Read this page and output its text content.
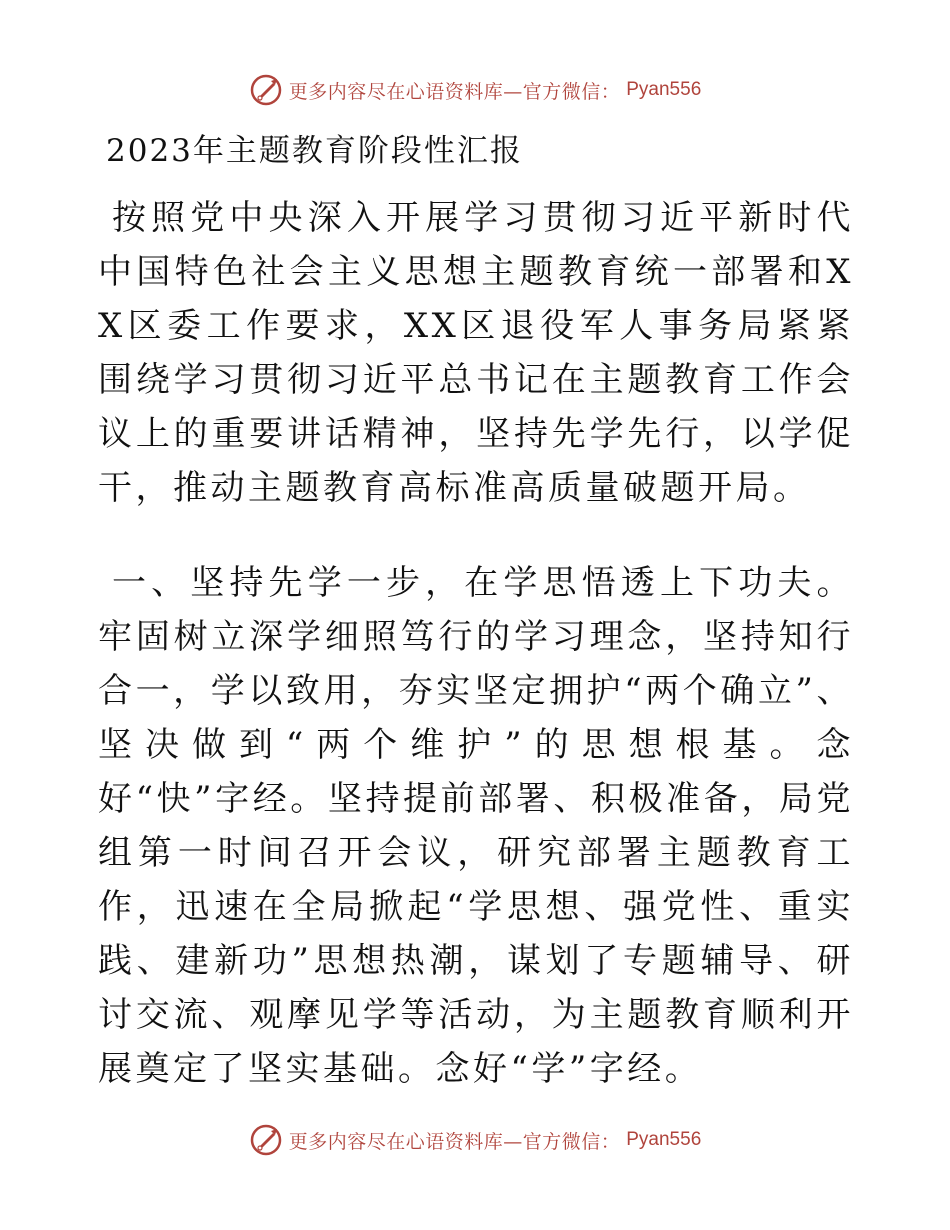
更多内容尽在心语资料库—官方微信： Pyan556
2023年主题教育阶段性汇报

按照党中央深入开展学习贯彻习近平新时代中国特色社会主义思想主题教育统一部署和XX区委工作要求，XX区退役军人事务局紧紧围绕学习贯彻习近平总书记在主题教育工作会议上的重要讲话精神，坚持先学先行，以学促干，推动主题教育高标准高质量破题开局。

一、坚持先学一步，在学思悟透上下功夫。牢固树立深学细照笃行的学习理念，坚持知行合一，学以致用，夯实坚定拥护“两个确立”、坚决做到“两个维护”的思想根基。念好“快”字经。坚持提前部署、积极准备，局党组第一时间召开会议，研究部署主题教育工作，迅速在全局掀起“学思想、强党性、重实践、建新功”思想热潮，谋划了专题辅导、研讨交流、观摩见学等活动，为主题教育顺利开展奠定了坚实基础。念好“学”字经。

更多内容尽在心语资料库—官方微信： Pyan556
